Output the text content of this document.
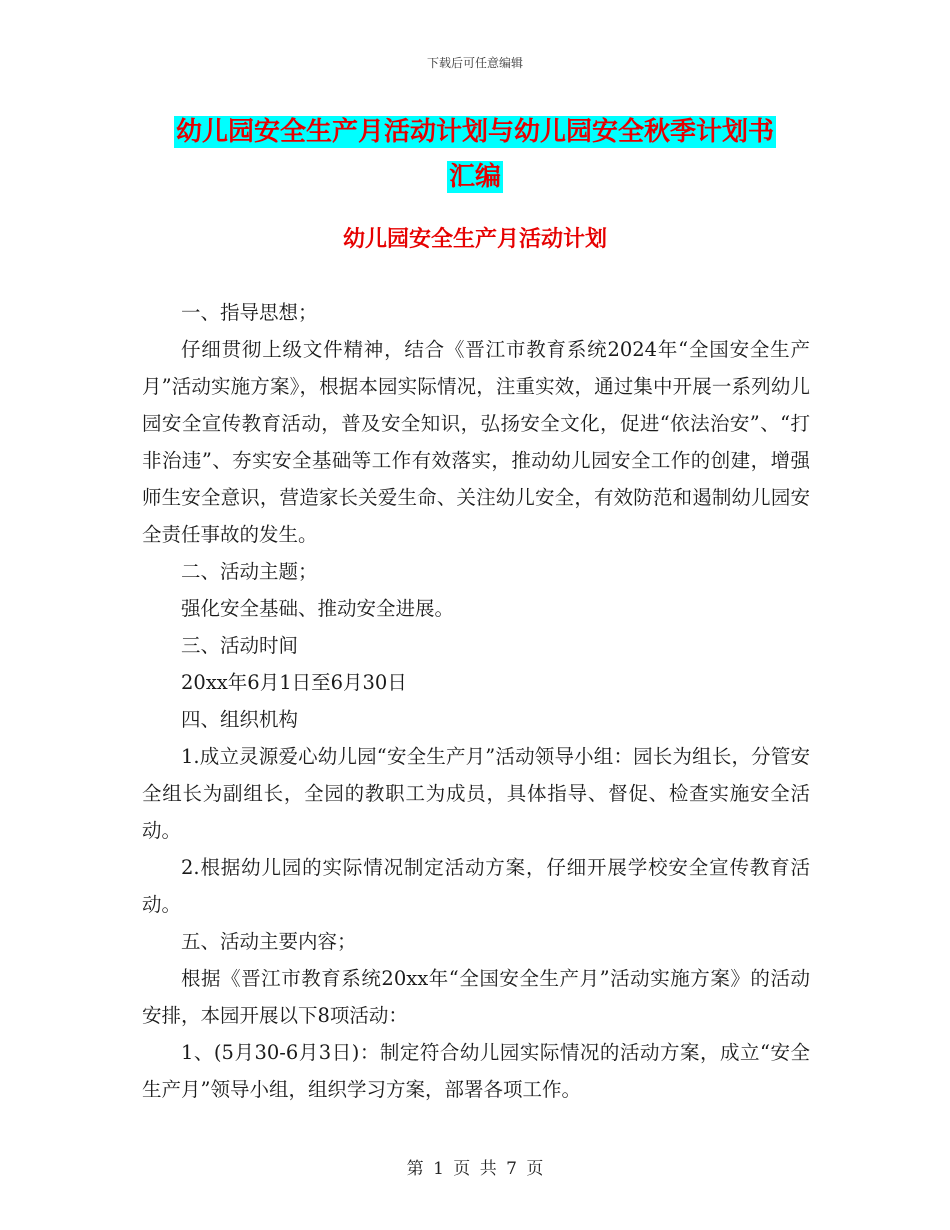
下载后可任意编辑
幼儿园安全生产月活动计划与幼儿园安全秋季计划书
汇编
幼儿园安全生产月活动计划

一、指导思想；

仔细贯彻上级文件精神，结合《晋江市教育系统2024年“全国安全生产月”活动实施方案》，根据本园实际情况，注重实效，通过集中开展一系列幼儿园安全宣传教育活动，普及安全知识，弘扬安全文化，促进“依法治安”、“打非治违”、夯实安全基础等工作有效落实，推动幼儿园安全工作的创建，增强师生安全意识，营造家长关爱生命、关注幼儿安全，有效防范和遏制幼儿园安全责任事故的发生。

二、活动主题；

强化安全基础、推动安全进展。

三、活动时间

20xx年6月1日至6月30日

四、组织机构

1.成立灵源爱心幼儿园“安全生产月”活动领导小组：园长为组长，分管安全组长为副组长，全园的教职工为成员，具体指导、督促、检查实施安全活动。

2.根据幼儿园的实际情况制定活动方案，仔细开展学校安全宣传教育活动。

五、活动主要内容；

根据《晋江市教育系统20xx年“全国安全生产月”活动实施方案》的活动安排，本园开展以下8项活动：

1、(5月30-6月3日)：制定符合幼儿园实际情况的活动方案，成立“安全生产月”领导小组，组织学习方案，部署各项工作。

第 1 页 共 7 页
